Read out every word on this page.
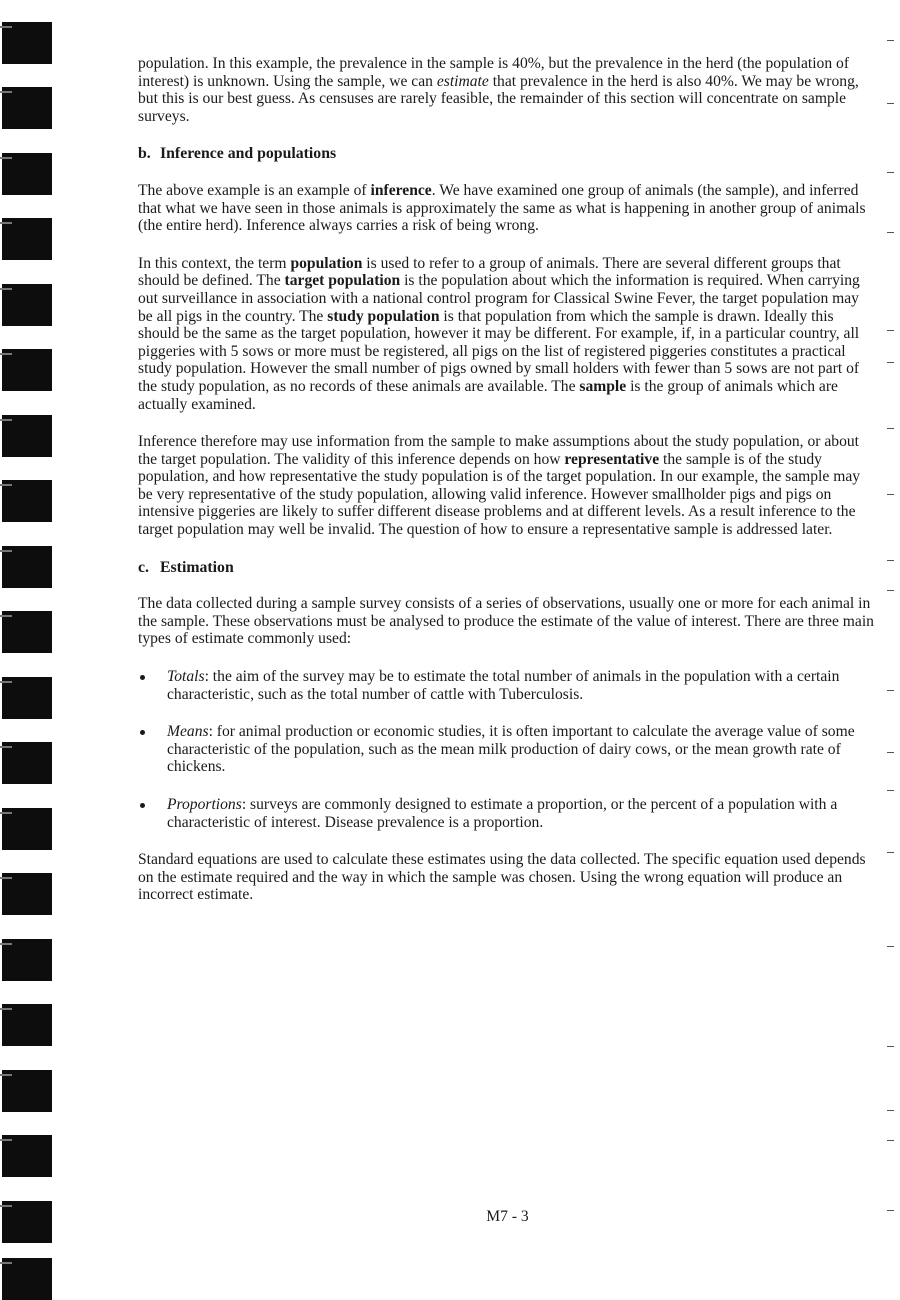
population. In this example, the prevalence in the sample is 40%, but the prevalence in the herd (the population of interest) is unknown. Using the sample, we can estimate that prevalence in the herd is also 40%. We may be wrong, but this is our best guess. As censuses are rarely feasible, the remainder of this section will concentrate on sample surveys.

b. Inference and populations

The above example is an example of inference. We have examined one group of animals (the sample), and inferred that what we have seen in those animals is approximately the same as what is happening in another group of animals (the entire herd). Inference always carries a risk of being wrong.

In this context, the term population is used to refer to a group of animals. There are several different groups that should be defined. The target population is the population about which the information is required. When carrying out surveillance in association with a national control program for Classical Swine Fever, the target population may be all pigs in the country. The study population is that population from which the sample is drawn. Ideally this should be the same as the target population, however it may be different. For example, if, in a particular country, all piggeries with 5 sows or more must be registered, all pigs on the list of registered piggeries constitutes a practical study population. However the small number of pigs owned by small holders with fewer than 5 sows are not part of the study population, as no records of these animals are available. The sample is the group of animals which are actually examined.

Inference therefore may use information from the sample to make assumptions about the study population, or about the target population. The validity of this inference depends on how representative the sample is of the study population, and how representative the study population is of the target population. In our example, the sample may be very representative of the study population, allowing valid inference. However smallholder pigs and pigs on intensive piggeries are likely to suffer different disease problems and at different levels. As a result inference to the target population may well be invalid. The question of how to ensure a representative sample is addressed later.

c. Estimation

The data collected during a sample survey consists of a series of observations, usually one or more for each animal in the sample. These observations must be analysed to produce the estimate of the value of interest. There are three main types of estimate commonly used:

Totals: the aim of the survey may be to estimate the total number of animals in the population with a certain characteristic, such as the total number of cattle with Tuberculosis.
Means: for animal production or economic studies, it is often important to calculate the average value of some characteristic of the population, such as the mean milk production of dairy cows, or the mean growth rate of chickens.
Proportions: surveys are commonly designed to estimate a proportion, or the percent of a population with a characteristic of interest. Disease prevalence is a proportion.

Standard equations are used to calculate these estimates using the data collected. The specific equation used depends on the estimate required and the way in which the sample was chosen. Using the wrong equation will produce an incorrect estimate.

M7 - 3
